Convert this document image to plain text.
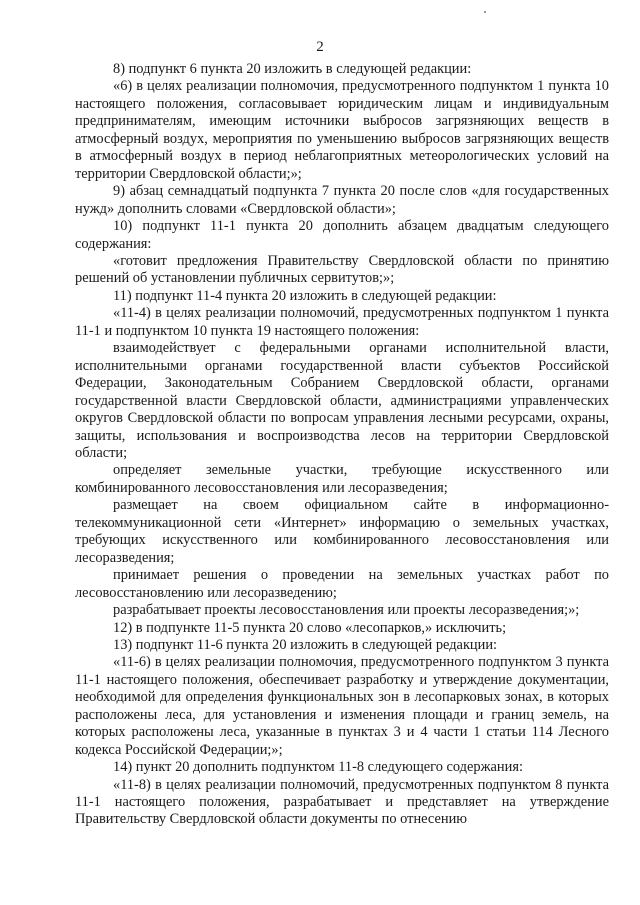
2

8) подпункт 6 пункта 20 изложить в следующей редакции:

«6) в целях реализации полномочия, предусмотренного подпунктом 1 пункта 10 настоящего положения, согласовывает юридическим лицам и индивидуальным предпринимателям, имеющим источники выбросов загрязняющих веществ в атмосферный воздух, мероприятия по уменьшению выбросов загрязняющих веществ в атмосферный воздух в период неблагоприятных метеорологических условий на территории Свердловской области;»;

9) абзац семнадцатый подпункта 7 пункта 20 после слов «для государственных нужд» дополнить словами «Свердловской области»;

10) подпункт 11-1 пункта 20 дополнить абзацем двадцатым следующего содержания:

«готовит предложения Правительству Свердловской области по принятию решений об установлении публичных сервитутов;»;

11) подпункт 11-4 пункта 20 изложить в следующей редакции:

«11-4) в целях реализации полномочий, предусмотренных подпунктом 1 пункта 11-1 и подпунктом 10 пункта 19 настоящего положения:

взаимодействует с федеральными органами исполнительной власти, исполнительными органами государственной власти субъектов Российской Федерации, Законодательным Собранием Свердловской области, органами государственной власти Свердловской области, администрациями управленческих округов Свердловской области по вопросам управления лесными ресурсами, охраны, защиты, использования и воспроизводства лесов на территории Свердловской области;

определяет земельные участки, требующие искусственного или комбинированного лесовосстановления или лесоразведения;

размещает на своем официальном сайте в информационно-телекоммуникационной сети «Интернет» информацию о земельных участках, требующих искусственного или комбинированного лесовосстановления или лесоразведения;

принимает решения о проведении на земельных участках работ по лесовосстановлению или лесоразведению;

разрабатывает проекты лесовосстановления или проекты лесоразведения;»;

12) в подпункте 11-5 пункта 20 слово «лесопарков,» исключить;

13) подпункт 11-6 пункта 20 изложить в следующей редакции:

«11-6) в целях реализации полномочия, предусмотренного подпунктом 3 пункта 11-1 настоящего положения, обеспечивает разработку и утверждение документации, необходимой для определения функциональных зон в лесопарковых зонах, в которых расположены леса, для установления и изменения площади и границ земель, на которых расположены леса, указанные в пунктах 3 и 4 части 1 статьи 114 Лесного кодекса Российской Федерации;»;

14) пункт 20 дополнить подпунктом 11-8 следующего содержания:

«11-8) в целях реализации полномочий, предусмотренных подпунктом 8 пункта 11-1 настоящего положения, разрабатывает и представляет на утверждение Правительству Свердловской области документы по отнесению
